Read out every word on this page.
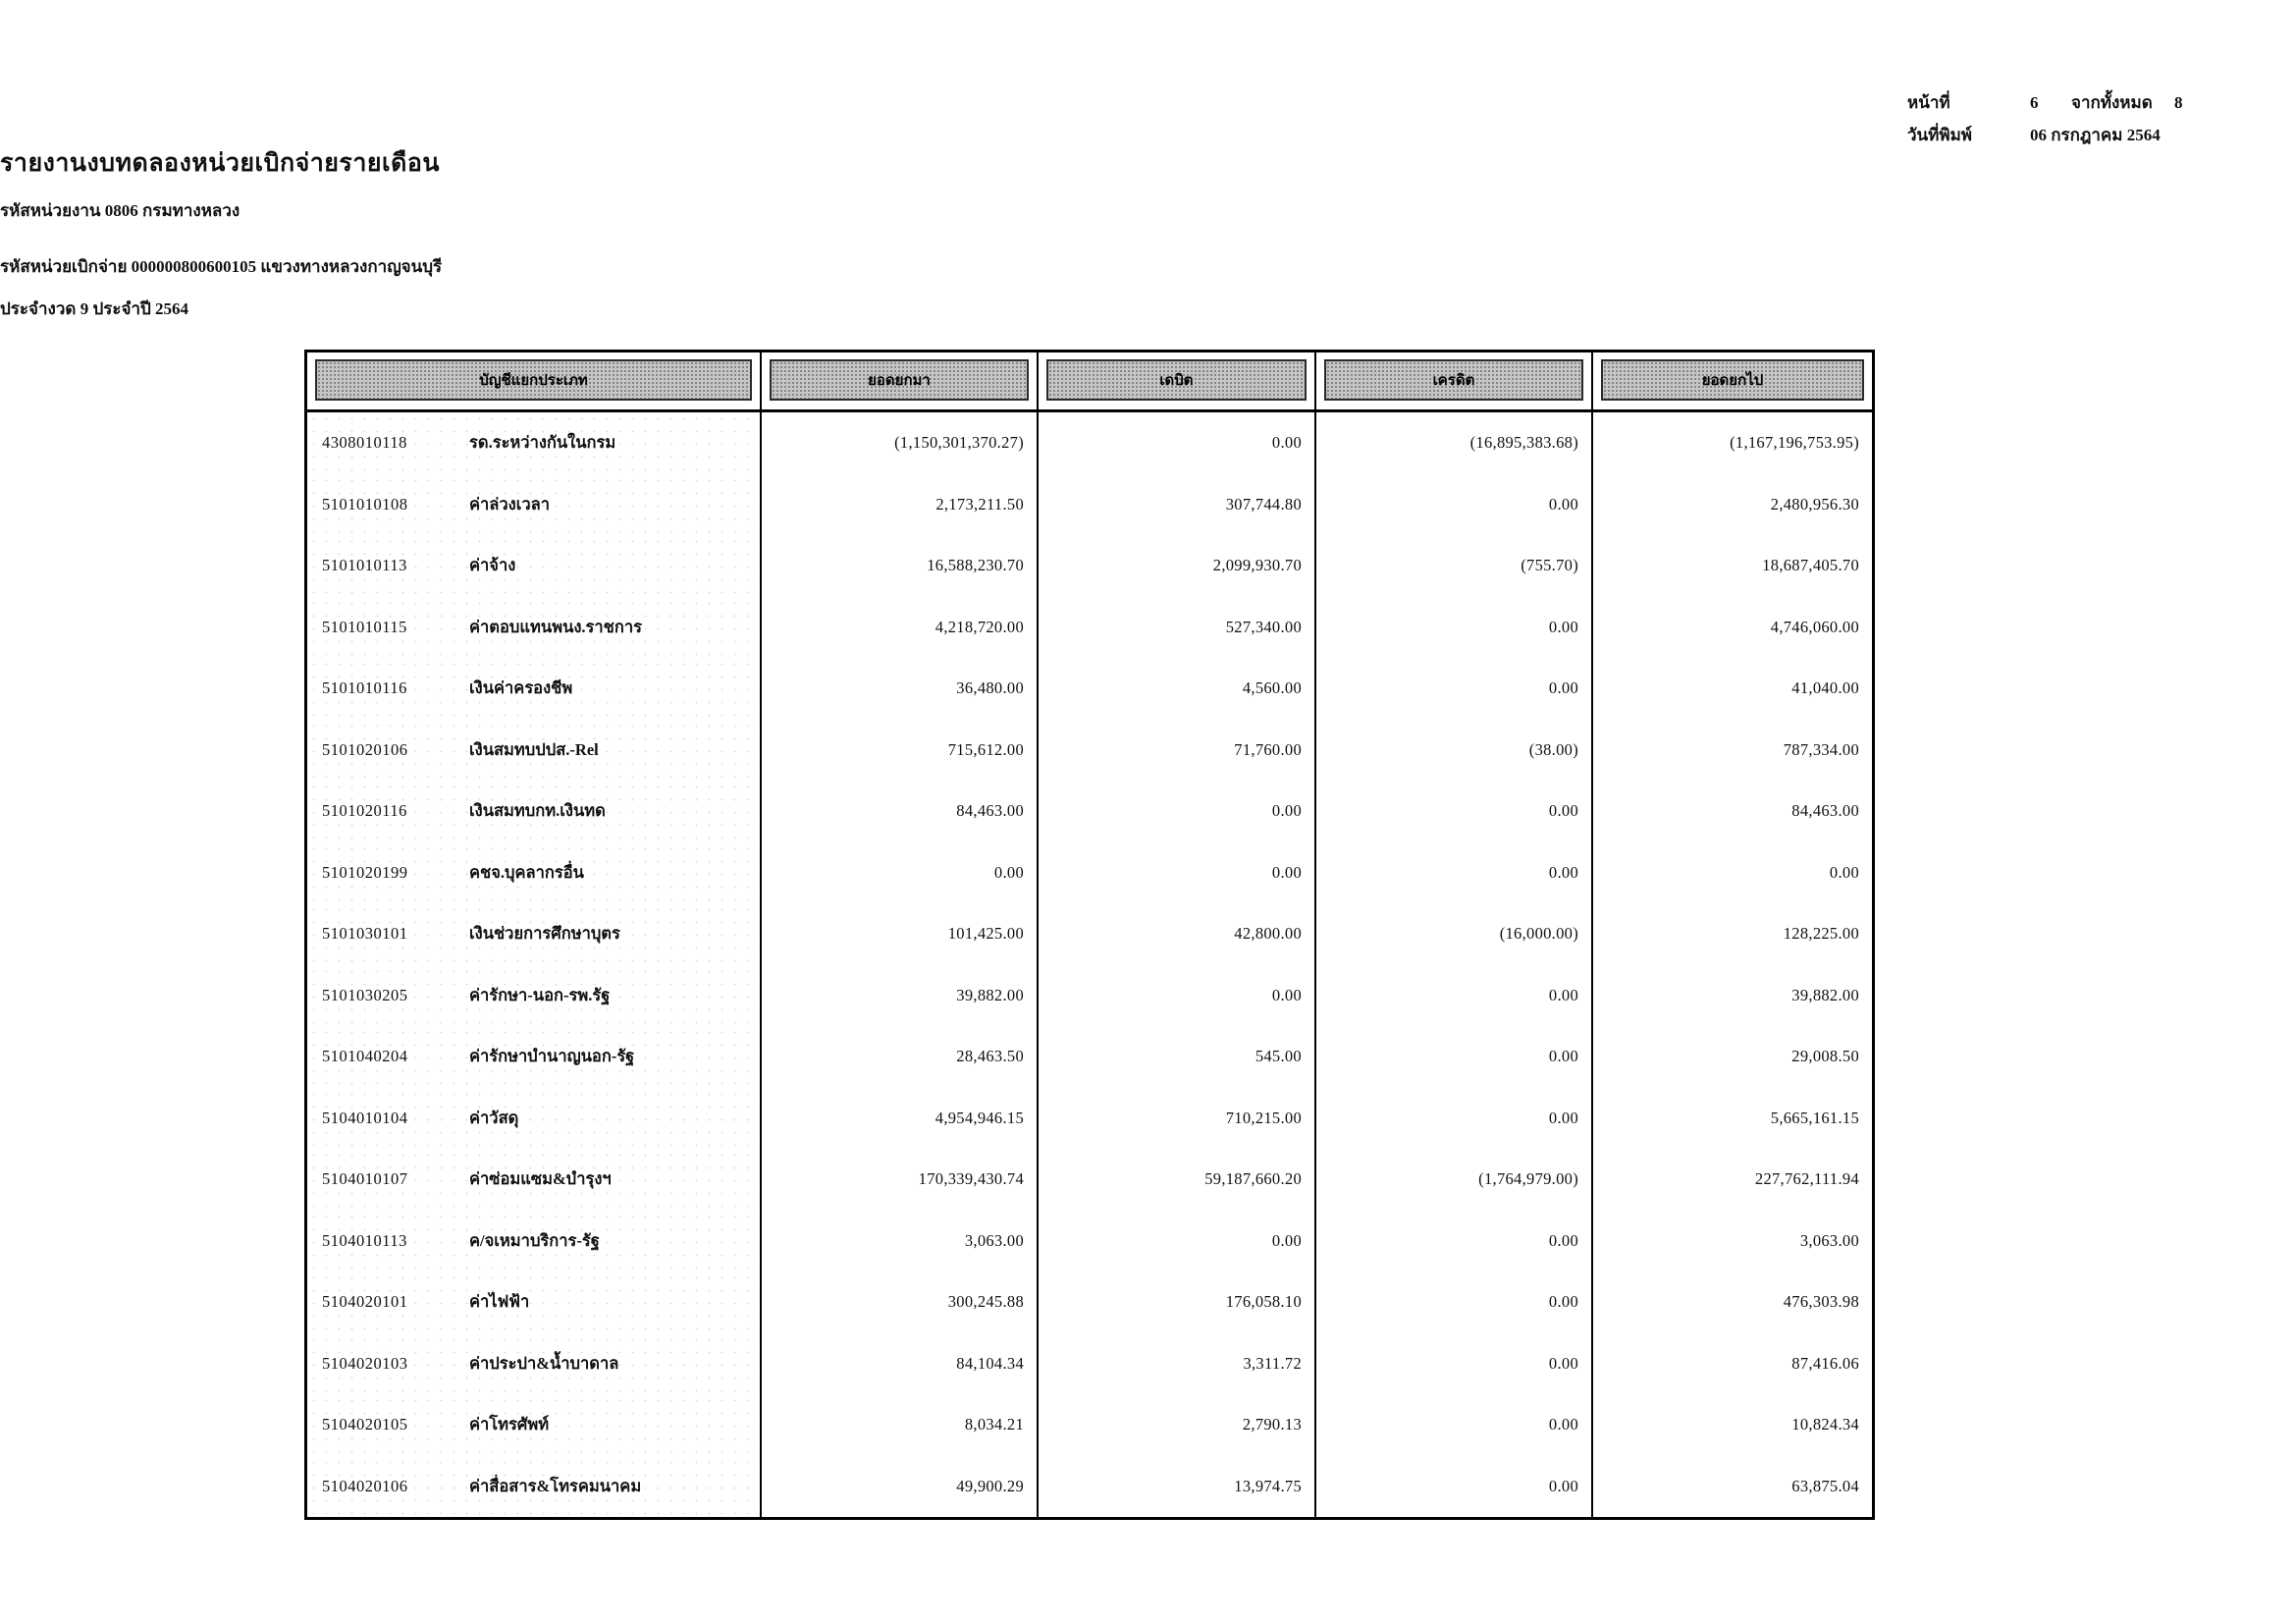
รายงานงบทดลองหน่วยเบิกจ่ายรายเดือน
รหัสหน่วยงาน 0806 กรมทางหลวง
รหัสหน่วยเบิกจ่าย 000000800600105 แขวงทางหลวงกาญจนบุรี
ประจำงวด 9 ประจำปี 2564
หน้าที่	6	จากทั้งหมด	8
วันที่พิมพ์	06 กรกฎาคม 2564
บัญชีแยกประเภท	ยอดยกมา	เดบิต	เครดิต	ยอดยกไป
4308010118	รด.ระหว่างกันในกรม	(1,150,301,370.27)	0.00	(16,895,383.68)	(1,167,196,753.95)
5101010108	ค่าล่วงเวลา	2,173,211.50	307,744.80	0.00	2,480,956.30
5101010113	ค่าจ้าง	16,588,230.70	2,099,930.70	(755.70)	18,687,405.70
5101010115	ค่าตอบแทนพนง.ราชการ	4,218,720.00	527,340.00	0.00	4,746,060.00
5101010116	เงินค่าครองชีพ	36,480.00	4,560.00	0.00	41,040.00
5101020106	เงินสมทบปปส.-Rel	715,612.00	71,760.00	(38.00)	787,334.00
5101020116	เงินสมทบกท.เงินทด	84,463.00	0.00	0.00	84,463.00
5101020199	คชจ.บุคลากรอื่น	0.00	0.00	0.00	0.00
5101030101	เงินช่วยการศึกษาบุตร	101,425.00	42,800.00	(16,000.00)	128,225.00
5101030205	ค่ารักษา-นอก-รพ.รัฐ	39,882.00	0.00	0.00	39,882.00
5101040204	ค่ารักษาบำนาญนอก-รัฐ	28,463.50	545.00	0.00	29,008.50
5104010104	ค่าวัสดุ	4,954,946.15	710,215.00	0.00	5,665,161.15
5104010107	ค่าซ่อมแซม&บำรุงฯ	170,339,430.74	59,187,660.20	(1,764,979.00)	227,762,111.94
5104010113	ค/จเหมาบริการ-รัฐ	3,063.00	0.00	0.00	3,063.00
5104020101	ค่าไฟฟ้า	300,245.88	176,058.10	0.00	476,303.98
5104020103	ค่าประปา&น้ำบาดาล	84,104.34	3,311.72	0.00	87,416.06
5104020105	ค่าโทรศัพท์	8,034.21	2,790.13	0.00	10,824.34
5104020106	ค่าสื่อสาร&โทรคมนาคม	49,900.29	13,974.75	0.00	63,875.04
